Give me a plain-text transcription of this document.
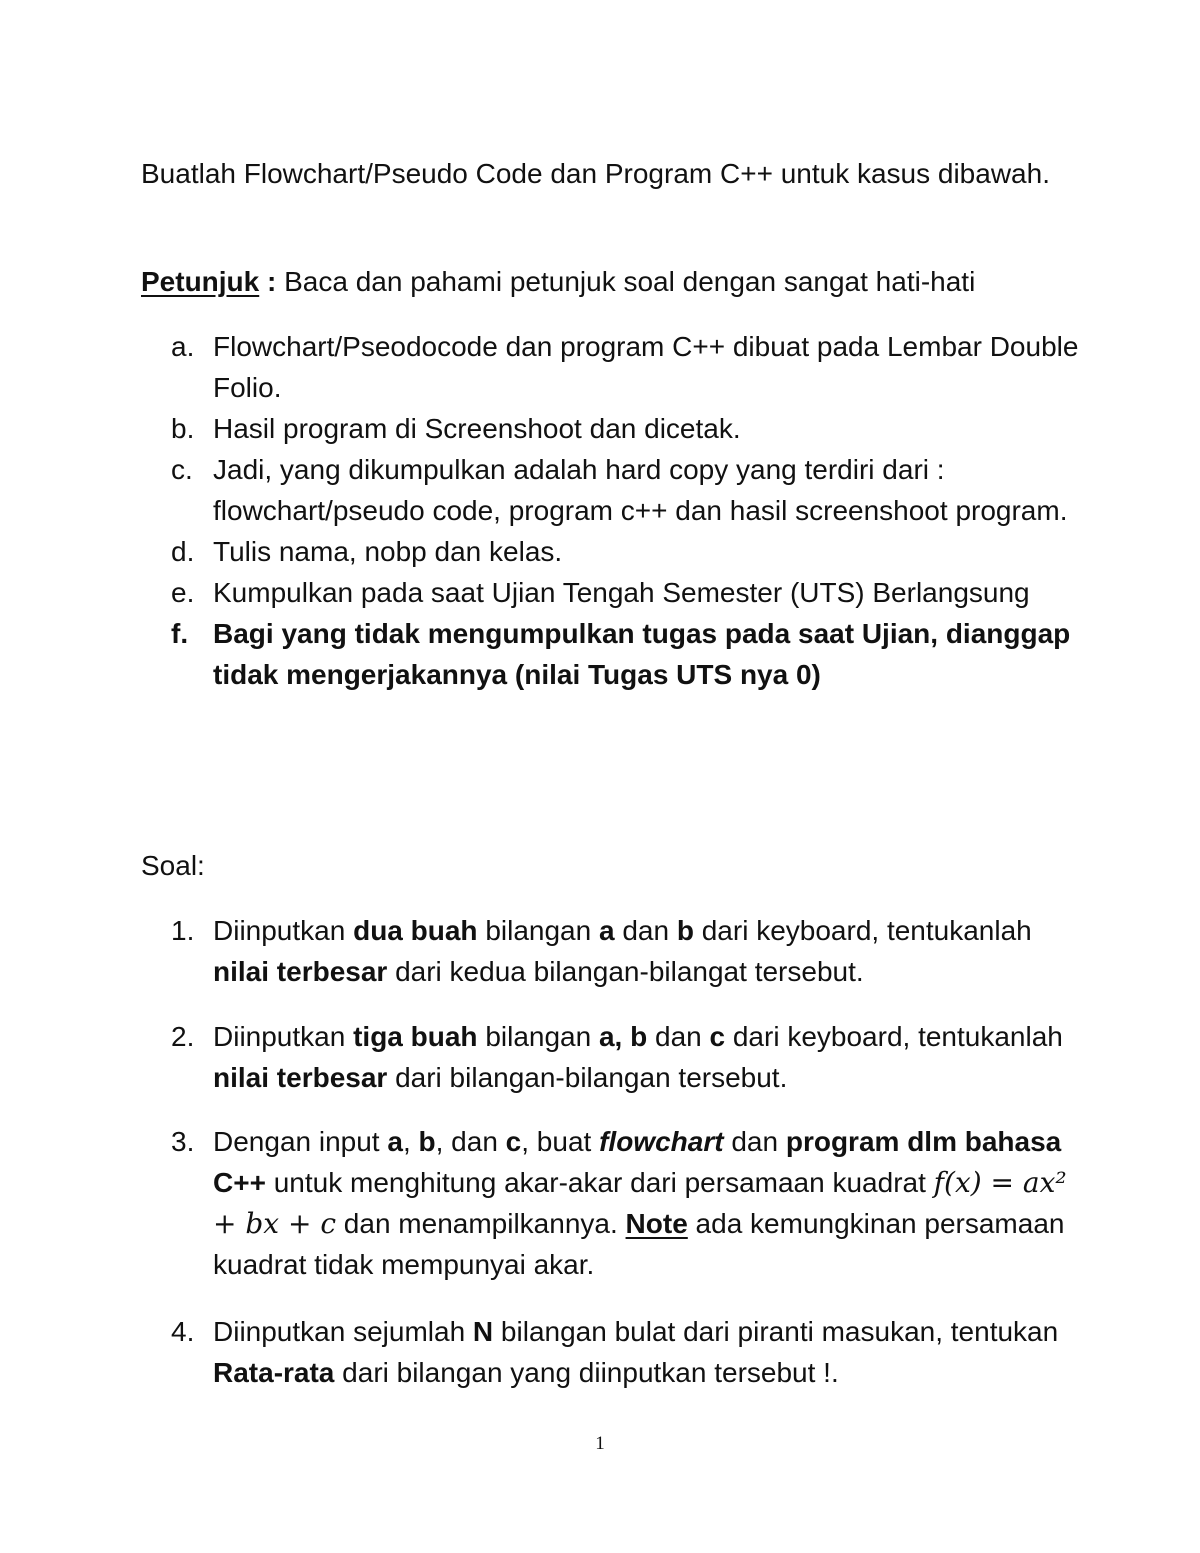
Buatlah Flowchart/Pseudo Code dan Program C++ untuk kasus dibawah.
Petunjuk : Baca dan pahami petunjuk soal dengan sangat hati-hati
a. Flowchart/Pseodocode dan program C++ dibuat pada Lembar Double Folio.
b. Hasil program di Screenshoot dan dicetak.
c. Jadi, yang dikumpulkan adalah hard copy yang terdiri dari : flowchart/pseudo code, program c++ dan hasil screenshoot program.
d. Tulis nama, nobp dan kelas.
e. Kumpulkan pada saat Ujian Tengah Semester (UTS) Berlangsung
f. Bagi yang tidak mengumpulkan tugas pada saat Ujian, dianggap tidak mengerjakannya (nilai Tugas UTS nya 0)
Soal:
1. Diinputkan dua buah bilangan a dan b dari keyboard, tentukanlah nilai terbesar dari kedua bilangan-bilangat tersebut.
2. Diinputkan tiga buah bilangan a, b dan c dari keyboard, tentukanlah nilai terbesar dari bilangan-bilangan tersebut.
3. Dengan input a, b, dan c, buat flowchart dan program dlm bahasa C++ untuk menghitung akar-akar dari persamaan kuadrat f(x) = ax² + bx + c dan menampilkannya. Note ada kemungkinan persamaan kuadrat tidak mempunyai akar.
4. Diinputkan sejumlah N bilangan bulat dari piranti masukan, tentukan Rata-rata dari bilangan yang diinputkan tersebut !.
1
